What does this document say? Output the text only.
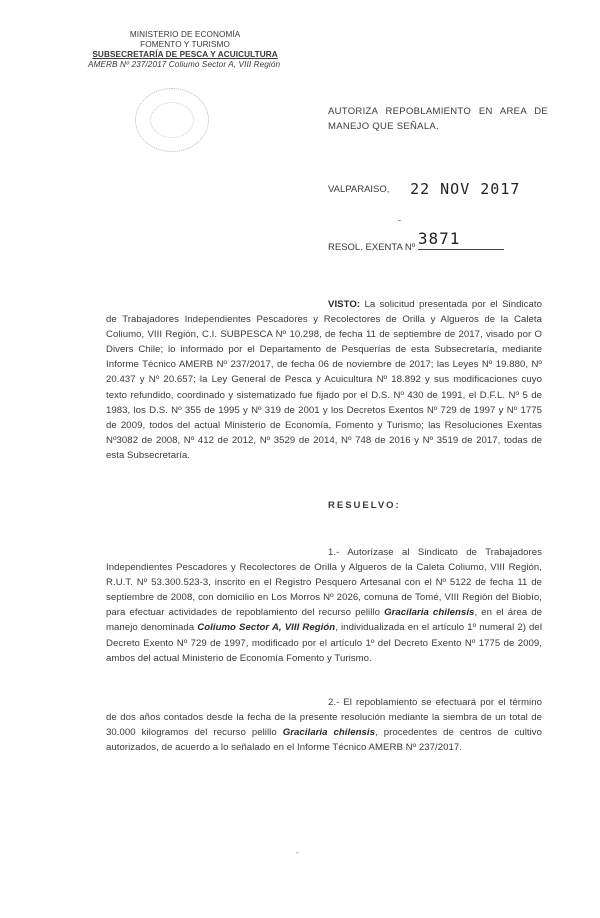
MINISTERIO DE ECONOMÍA
FOMENTO Y TURISMO
SUBSECRETARÍA DE PESCA Y ACUICULTURA
AMERB Nº 237/2017 Coliumo Sector A, VIII Región
AUTORIZA REPOBLAMIENTO EN AREA DE MANEJO QUE SEÑALA.
VALPARAISO, 22 NOV 2017
-
RESOL. EXENTA Nº 3871
VISTO: La solicitud presentada por el Sindicato de Trabajadores Independientes Pescadores y Recolectores de Orilla y Algueros de la Caleta Coliumo, VIII Región, C.I. SUBPESCA Nº 10.298, de fecha 11 de septiembre de 2017, visado por O Divers Chile; lo informado por el Departamento de Pesquerías de esta Subsecretaría, mediante Informe Técnico AMERB Nº 237/2017, de fecha 06 de noviembre de 2017; las Leyes Nº 19.880, Nº 20.437 y Nº 20.657; la Ley General de Pesca y Acuicultura Nº 18.892 y sus modificaciones cuyo texto refundido, coordinado y sistematizado fue fijado por el D.S. Nº 430 de 1991, el D.F.L. Nº 5 de 1983, los D.S. Nº 355 de 1995 y Nº 319 de 2001 y los Decretos Exentos Nº 729 de 1997 y Nº 1775 de 2009, todos del actual Ministerio de Economía, Fomento y Turismo; las Resoluciones Exentas Nº3082 de 2008, Nº 412 de 2012, Nº 3529 de 2014, Nº 748 de 2016 y Nº 3519 de 2017, todas de esta Subsecretaría.
RESUELVO:
1.- Autorízase al Sindicato de Trabajadores Independientes Pescadores y Recolectores de Orilla y Algueros de la Caleta Coliumo, VIII Región, R.U.T. Nº 53.300.523-3, inscrito en el Registro Pesquero Artesanal con el Nº 5122 de fecha 11 de septiembre de 2008, con domicilio en Los Morros Nº 2026, comuna de Tomé, VIII Región del Biobío, para efectuar actividades de repoblamiento del recurso pelillo Gracilaria chilensis, en el área de manejo denominada Coliumo Sector A, VIII Región, individualizada en el artículo 1º numeral 2) del Decreto Exento Nº 729 de 1997, modificado por el artículo 1º del Decreto Exento Nº 1775 de 2009, ambos del actual Ministerio de Economía Fomento y Turismo.
2.- El repoblamiento se efectuará por el término de dos años contados desde la fecha de la presente resolución mediante la siembra de un total de 30.000 kilogramos del recurso pelillo Gracilaria chilensis, procedentes de centros de cultivo autorizados, de acuerdo a lo señalado en el Informe Técnico AMERB Nº 237/2017.
-
